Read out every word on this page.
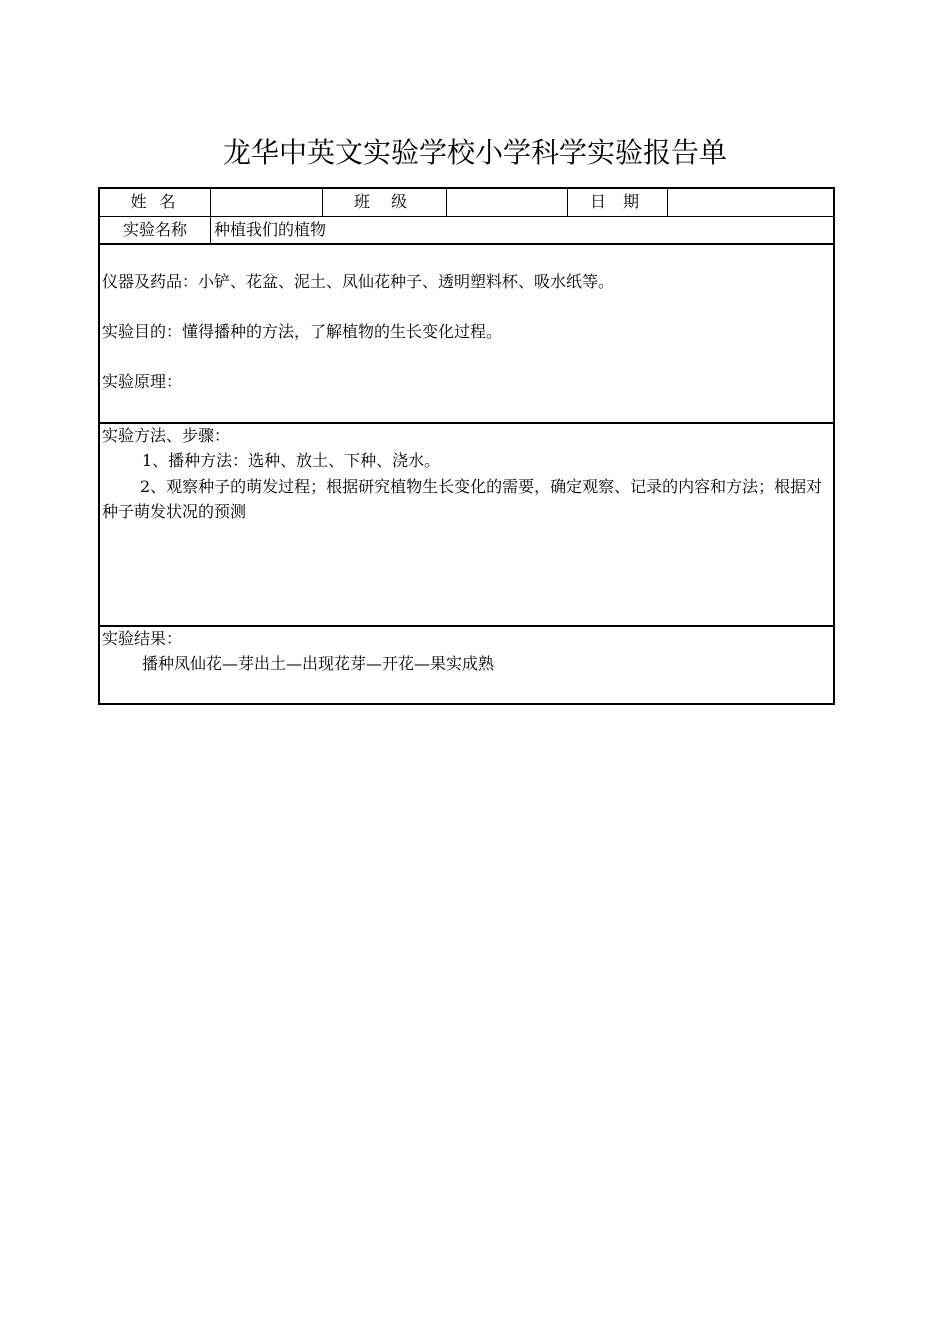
龙华中英文实验学校小学科学实验报告单
姓 名	班 级	日 期
实验名称	种植我们的植物

仪器及药品：小铲、花盆、泥土、凤仙花种子、透明塑料杯、吸水纸等。

实验目的：懂得播种的方法，了解植物的生长变化过程。

实验原理：

实验方法、步骤：

1、播种方法：选种、放土、下种、浇水。

2、观察种子的萌发过程；根据研究植物生长变化的需要，确定观察、记录的内容和方法；根据对种子萌发状况的预测

实验结果：

播种凤仙花—芽出土—出现花芽—开花—果实成熟
